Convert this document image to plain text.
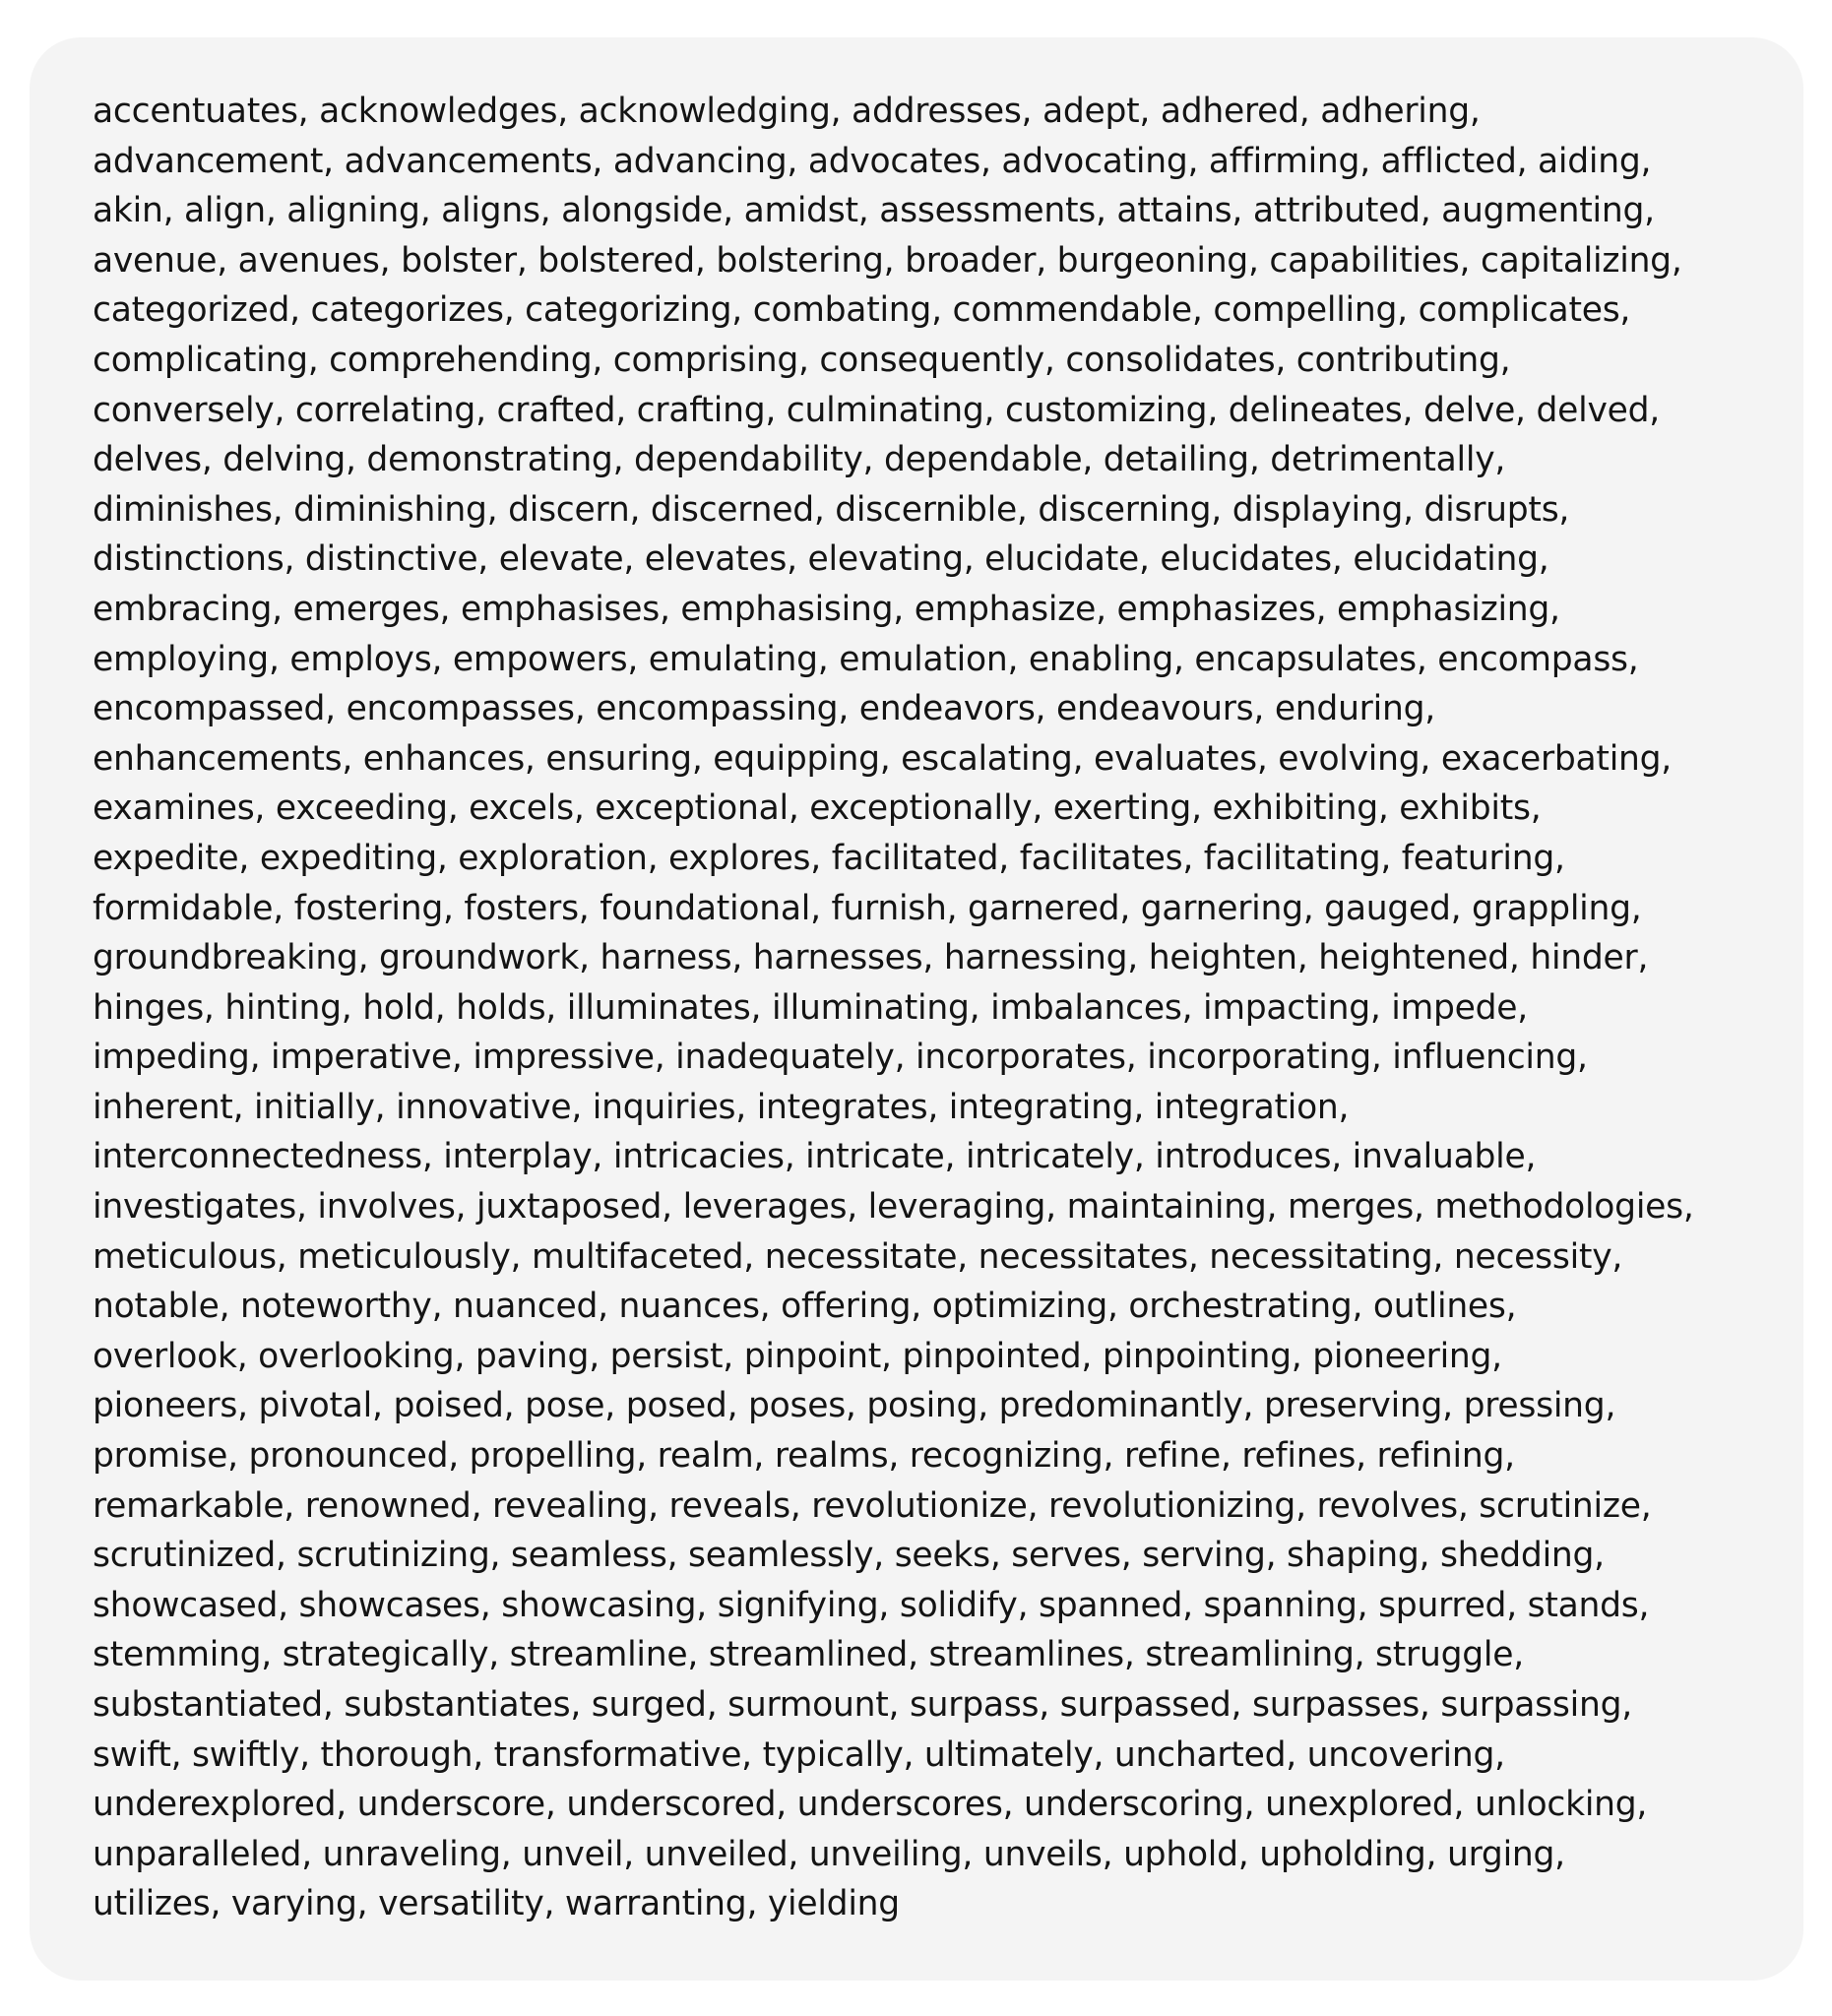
accentuates, acknowledges, acknowledging, addresses, adept, adhered, adhering,
advancement, advancements, advancing, advocates, advocating, affirming, afflicted, aiding,
akin, align, aligning, aligns, alongside, amidst, assessments, attains, attributed, augmenting,
avenue, avenues, bolster, bolstered, bolstering, broader, burgeoning, capabilities, capitalizing,
categorized, categorizes, categorizing, combating, commendable, compelling, complicates,
complicating, comprehending, comprising, consequently, consolidates, contributing,
conversely, correlating, crafted, crafting, culminating, customizing, delineates, delve, delved,
delves, delving, demonstrating, dependability, dependable, detailing, detrimentally,
diminishes, diminishing, discern, discerned, discernible, discerning, displaying, disrupts,
distinctions, distinctive, elevate, elevates, elevating, elucidate, elucidates, elucidating,
embracing, emerges, emphasises, emphasising, emphasize, emphasizes, emphasizing,
employing, employs, empowers, emulating, emulation, enabling, encapsulates, encompass,
encompassed, encompasses, encompassing, endeavors, endeavours, enduring,
enhancements, enhances, ensuring, equipping, escalating, evaluates, evolving, exacerbating,
examines, exceeding, excels, exceptional, exceptionally, exerting, exhibiting, exhibits,
expedite, expediting, exploration, explores, facilitated, facilitates, facilitating, featuring,
formidable, fostering, fosters, foundational, furnish, garnered, garnering, gauged, grappling,
groundbreaking, groundwork, harness, harnesses, harnessing, heighten, heightened, hinder,
hinges, hinting, hold, holds, illuminates, illuminating, imbalances, impacting, impede,
impeding, imperative, impressive, inadequately, incorporates, incorporating, influencing,
inherent, initially, innovative, inquiries, integrates, integrating, integration,
interconnectedness, interplay, intricacies, intricate, intricately, introduces, invaluable,
investigates, involves, juxtaposed, leverages, leveraging, maintaining, merges, methodologies,
meticulous, meticulously, multifaceted, necessitate, necessitates, necessitating, necessity,
notable, noteworthy, nuanced, nuances, offering, optimizing, orchestrating, outlines,
overlook, overlooking, paving, persist, pinpoint, pinpointed, pinpointing, pioneering,
pioneers, pivotal, poised, pose, posed, poses, posing, predominantly, preserving, pressing,
promise, pronounced, propelling, realm, realms, recognizing, refine, refines, refining,
remarkable, renowned, revealing, reveals, revolutionize, revolutionizing, revolves, scrutinize,
scrutinized, scrutinizing, seamless, seamlessly, seeks, serves, serving, shaping, shedding,
showcased, showcases, showcasing, signifying, solidify, spanned, spanning, spurred, stands,
stemming, strategically, streamline, streamlined, streamlines, streamlining, struggle,
substantiated, substantiates, surged, surmount, surpass, surpassed, surpasses, surpassing,
swift, swiftly, thorough, transformative, typically, ultimately, uncharted, uncovering,
underexplored, underscore, underscored, underscores, underscoring, unexplored, unlocking,
unparalleled, unraveling, unveil, unveiled, unveiling, unveils, uphold, upholding, urging,
utilizes, varying, versatility, warranting, yielding
